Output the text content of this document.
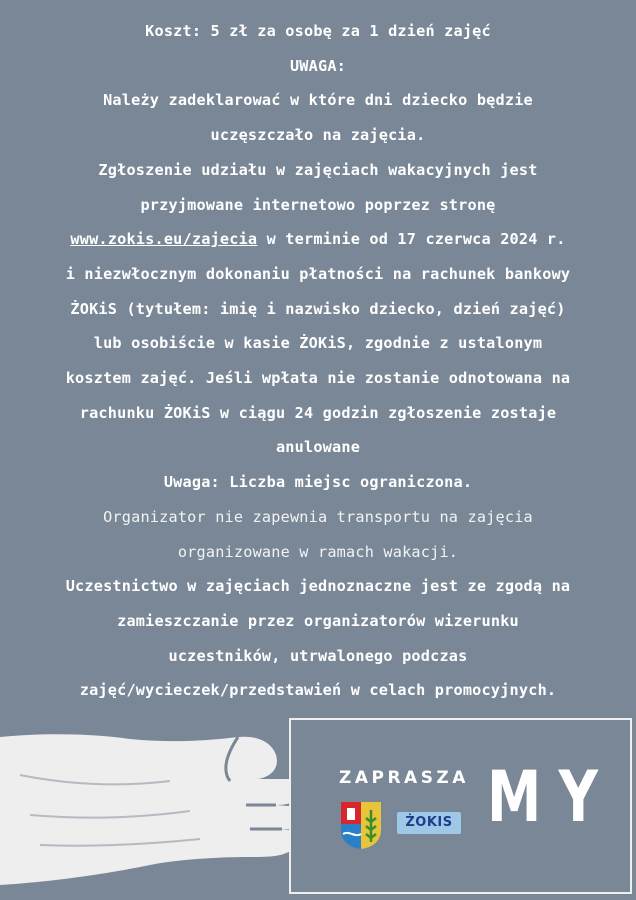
Koszt: 5 zł za osobę za 1 dzień zajęć
UWAGA:
Należy zadeklarować w które dni dziecko będzie
uczęszczało na zajęcia.
Zgłoszenie udziału w zajęciach wakacyjnych jest
przyjmowane internetowo poprzez stronę
www.zokis.eu/zajecia w terminie od 17 czerwca 2024 r.
i niezwłocznym dokonaniu płatności na rachunek bankowy
ŻOKiS (tytułem: imię i nazwisko dziecko, dzień zajęć)
lub osobiście w kasie ŻOKiS, zgodnie z ustalonym
kosztem zajęć. Jeśli wpłata nie zostanie odnotowana na
rachunku ŻOKiS w ciągu 24 godzin zgłoszenie zostaje
anulowane
Uwaga: Liczba miejsc ograniczona.
Organizator nie zapewnia transportu na zajęcia
organizowane w ramach wakacji.
Uczestnictwo w zajęciach jednoznaczne jest ze zgodą na
zamieszczanie przez organizatorów wizerunku
uczestników, utrwalonego podczas
zajęć/wycieczek/przedstawień w celach promocyjnych.
ZAPRASZA MY
ŻOKIS
